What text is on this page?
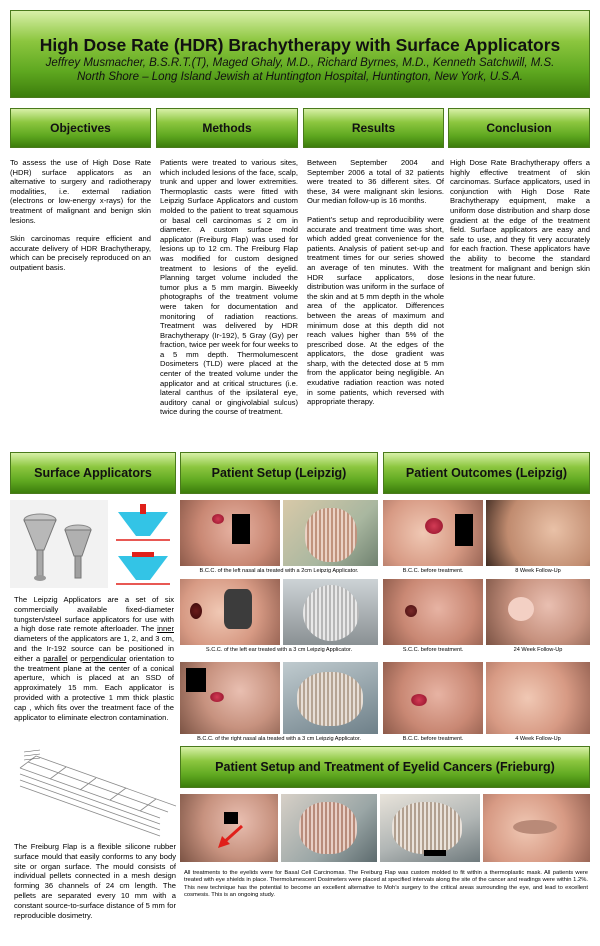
High Dose Rate (HDR) Brachytherapy with Surface Applicators
Jeffrey Musmacher, B.S.R.T.(T), Maged Ghaly, M.D., Richard Byrnes, M.D., Kenneth Satchwill, M.S.
North Shore – Long Island Jewish at Huntington Hospital, Huntington, New York, U.S.A.
Objectives	Methods	Results	Conclusion

To assess the use of High Dose Rate (HDR) surface applicators as an alternative to surgery and radiotherapy modalities, i.e. external radiation (electrons or low-energy x-rays) for the treatment of malignant and benign skin lesions.

Skin carcinomas require efficient and accurate delivery of HDR Brachytherapy, which can be precisely reproduced on an outpatient basis.

Patients were treated to various sites, which included lesions of the face, scalp, trunk and upper and lower extremities. Thermoplastic casts were fitted with Leipzig Surface Applicators and custom molded to the patient to treat squamous or basal cell carcinomas ≤ 2 cm in diameter. A custom surface mold applicator (Freiburg Flap) was used for lesions up to 12 cm. The Freiburg Flap was modified for custom designed treatment to lesions of the eyelid. Planning target volume included the tumor plus a 5 mm margin. Biweekly photographs of the treatment volume were taken for documentation and monitoring of radiation reactions. Treatment was delivered by HDR Brachytherapy (Ir-192), 5 Gray (Gy) per fraction, twice per week for four weeks to a 5 mm depth. Thermolumescent Dosimeters (TLD) were placed at the center of the treated volume under the applicator and at critical structures (i.e. lateral canthus of the ipsilateral eye, auditory canal or gingivolabial sulcus) twice during the course of treatment.

Between September 2004 and September 2006 a total of 32 patients were treated to 36 different sites. Of these, 34 were malignant skin lesions. Our median follow-up is 16 months.

Patient’s setup and reproducibility were accurate and treatment time was short, which added great convenience for the patients. Analysis of patient set-up and treatment times for our series showed an average of ten minutes. With the HDR surface applicators, dose distribution was uniform in the surface of the skin and at 5 mm depth in the whole area of the applicator. Differences between the areas of maximum and minimum dose at this depth did not reach values higher than 5% of the prescribed dose. At the edges of the applicators, the dose gradient was sharp, with the detected dose at 5 mm from the applicator being negligible. An exudative radiation reaction was noted in some patients, which reversed with appropriate therapy.

High Dose Rate Brachytherapy offers a highly effective treatment of skin carcinomas. Surface applicators, used in conjunction with High Dose Rate Brachytherapy equipment, make a uniform dose distribution and sharp dose gradient at the edge of the treatment field. Surface applicators are easy and safe to use, and they fit very accurately for each fraction. These applicators have the ability to become the standard treatment for malignant and benign skin lesions in the near future.

Surface Applicators	Patient Setup (Leipzig)	Patient Outcomes (Leipzig)
The Leipzig Applicators are a set of six commercially available fixed-diameter tungsten/steel surface applicators for use with a high dose rate remote afterloader. The inner diameters of the applicators are 1, 2, and 3 cm, and the Ir-192 source can be positioned in either a parallel or perpendicular orientation to the treatment plane at the center of a conical aperture, which is placed at an SSD of approximately 15 mm. Each applicator is provided with a protective 1 mm thick plastic cap , which fits over the treatment face of the applicator to eliminate electron contamination.
The Freiburg Flap is a flexible silicone rubber surface mould that easily conforms to any body site or organ surface. The mould consists of individual pellets connected in a mesh design forming 36 channels of 24 cm length. The pellets are separated every 10 mm with a constant source-to-surface distance of 5 mm for reproducible dosimetry.
B.C.C. of the left nasal ala treated with a 2cm Leipzig Applicator.
S.C.C. of the left ear treated with a 3 cm Leipzig Applicator.
B.C.C. of the right nasal ala treated with a 3 cm Leipzig Applicator.
B.C.C. before treatment.	8 Week Follow-Up
S.C.C. before treatment.	24 Week Follow-Up
B.C.C. before treatment.	4 Week Follow-Up
Patient Setup and Treatment of Eyelid Cancers (Frieburg)
All treatments to the eyelids were for Basal Cell Carcinomas. The Freiburg Flap was custom molded to fit within a thermoplastic mask. All patients were treated with eye shields in place. Thermolumescent Dosimeters were placed at specified intervals along the site of the cancer and readings were within 1.2%. This new technique has the potential to become an excellent alternative to Moh’s surgery to the critical areas surrounding the eye, and lead to excellent cosmesis. This is an ongoing study.
